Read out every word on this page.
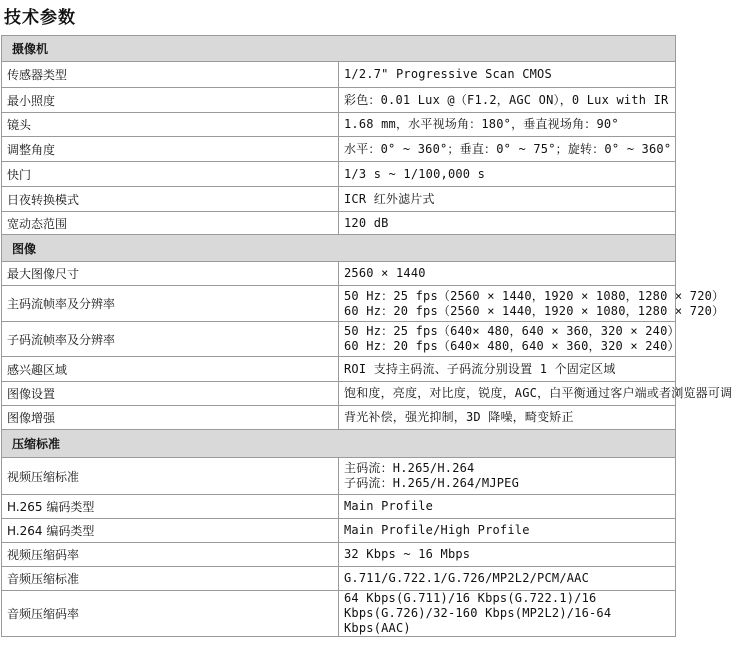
技术参数
摄像机	
传感器类型	1/2.7" Progressive Scan CMOS

最小照度	彩色：0.01 Lux @（F1.2，AGC ON），0 Lux with IR

镜头	1.68 mm，水平视场角：180°，垂直视场角：90°

调整角度	水平：0° ~ 360°；垂直：0° ~ 75°；旋转：0° ~ 360°

快门	1/3 s ~ 1/100,000 s

日夜转换模式	ICR 红外滤片式

宽动态范围	120 dB

图像	
最大图像尺寸	2560 × 1440

主码流帧率及分辨率	50 Hz：25 fps（2560 × 1440，1920 × 1080，1280 × 720）
60 Hz：20 fps（2560 × 1440，1920 × 1080，1280 × 720）

子码流帧率及分辨率	50 Hz：25 fps（640× 480，640 × 360，320 × 240）
60 Hz：20 fps（640× 480，640 × 360，320 × 240）

感兴趣区域	ROI 支持主码流、子码流分别设置 1 个固定区域

图像设置	饱和度，亮度，对比度，锐度，AGC，白平衡通过客户端或者浏览器可调

图像增强	背光补偿，强光抑制，3D 降噪，畸变矫正

压缩标准	
视频压缩标准	主码流：H.265/H.264
子码流：H.265/H.264/MJPEG

H.265 编码类型	Main Profile

H.264 编码类型	Main Profile/High Profile

视频压缩码率	32 Kbps ~ 16 Mbps

音频压缩标准	G.711/G.722.1/G.726/MP2L2/PCM/AAC

音频压缩码率	64 Kbps(G.711)/16 Kbps(G.722.1)/16 Kbps(G.726)/32-160 Kbps(MP2L2)/16-64 Kbps(AAC)
